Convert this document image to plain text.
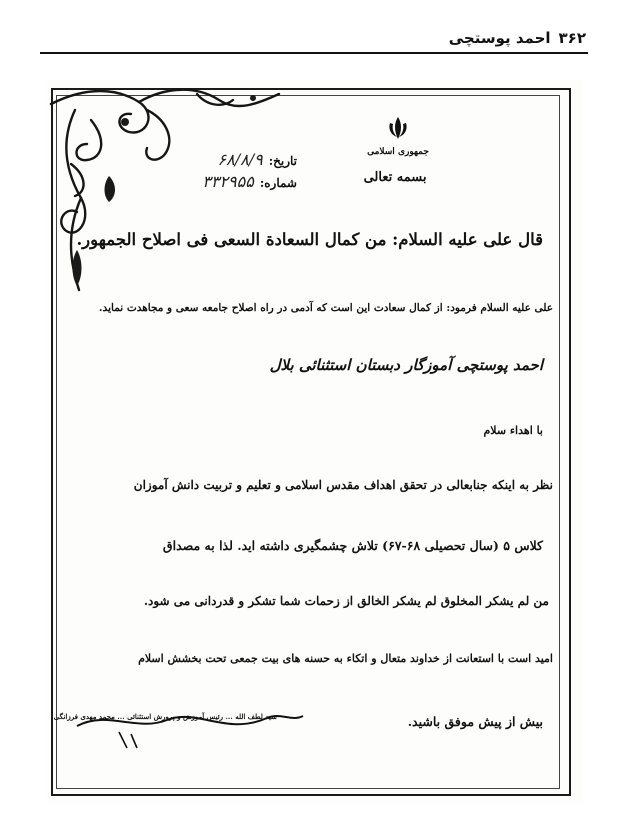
۳۶۲
احمد پوستچی
جمهوری اسلامی
بسمه تعالی
تاریخ:
۶۸/۸/۹
شماره:
۳۳۲۹۵۵
قال علی علیه السلام: من کمال السعادة السعی فی اصلاح الجمهور.
علی علیه السلام فرمود: از کمال سعادت این است که آدمی در راه اصلاح جامعه سعی و مجاهدت نماید.
احمد پوستچی آموزگار دبستان استثنائی بلال
با اهداء سلام
نظر به اینکه جنابعالی در تحقق اهداف مقدس اسلامی و تعلیم و تربیت دانش آموزان
کلاس ۵ (سال تحصیلی ۶۸-۶۷) تلاش چشمگیری داشته اید. لذا به مصداق
من لم یشکر المخلوق لم یشکر الخالق از زحمات شما تشکر و قدردانی می شود.
امید است با استعانت از خداوند متعال و اتکاء به حسنه های بیت جمعی تحت بخشش اسلام
بیش از پیش موفق باشید.
سید لطف الله ... رئیس آموزش و پرورش استثنائی ... محمد مهدی فرزانگی
